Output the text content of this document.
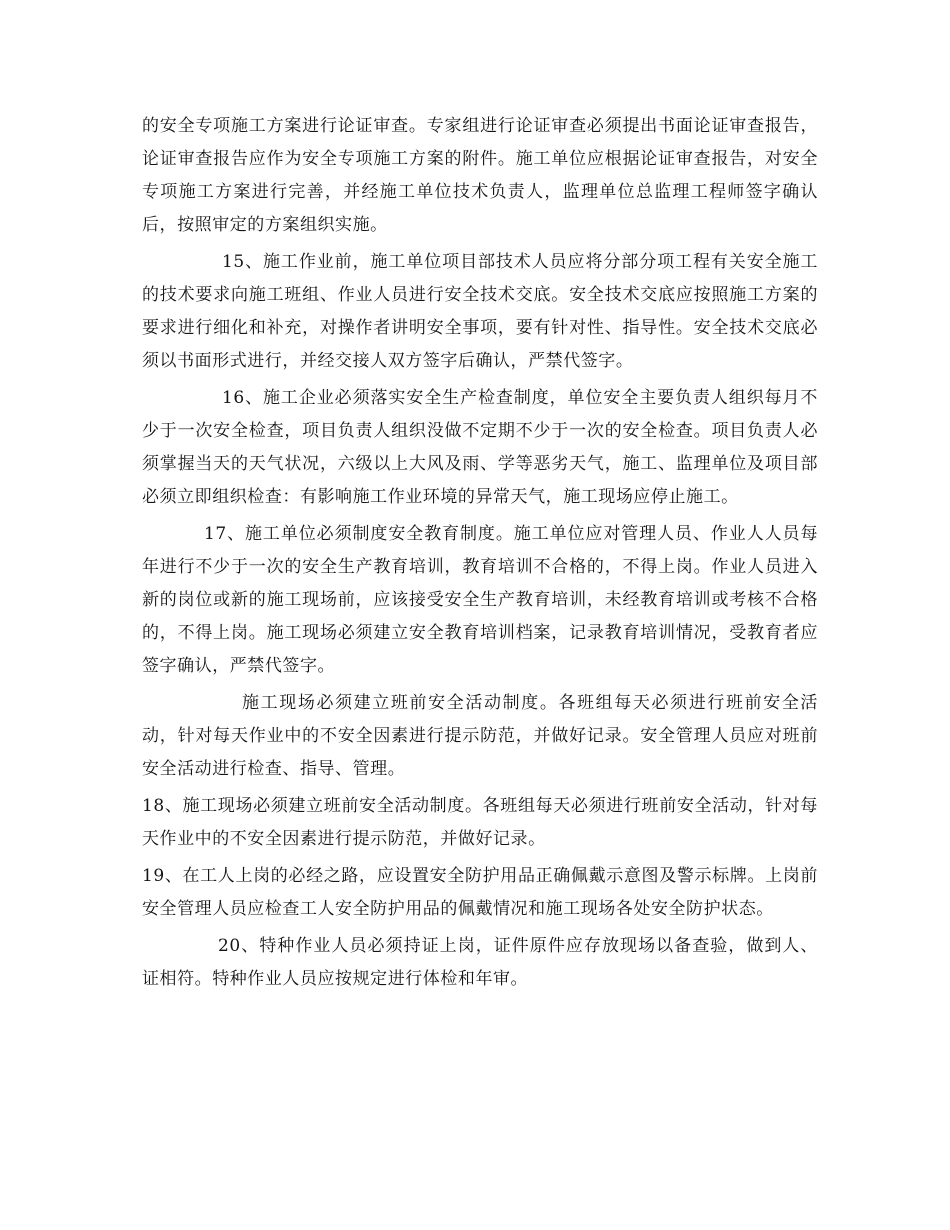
的安全专项施工方案进行论证审查。专家组进行论证审查必须提出书面论证审查报告，论证审查报告应作为安全专项施工方案的附件。施工单位应根据论证审查报告，对安全专项施工方案进行完善，并经施工单位技术负责人，监理单位总监理工程师签字确认后，按照审定的方案组织实施。

15、施工作业前，施工单位项目部技术人员应将分部分项工程有关安全施工的技术要求向施工班组、作业人员进行安全技术交底。安全技术交底应按照施工方案的要求进行细化和补充，对操作者讲明安全事项，要有针对性、指导性。安全技术交底必须以书面形式进行，并经交接人双方签字后确认，严禁代签字。

16、施工企业必须落实安全生产检查制度，单位安全主要负责人组织每月不少于一次安全检查，项目负责人组织没做不定期不少于一次的安全检查。项目负责人必须掌握当天的天气状况，六级以上大风及雨、学等恶劣天气，施工、监理单位及项目部必须立即组织检查：有影响施工作业环境的异常天气，施工现场应停止施工。

17、施工单位必须制度安全教育制度。施工单位应对管理人员、作业人人员每年进行不少于一次的安全生产教育培训，教育培训不合格的，不得上岗。作业人员进入新的岗位或新的施工现场前，应该接受安全生产教育培训，未经教育培训或考核不合格的，不得上岗。施工现场必须建立安全教育培训档案，记录教育培训情况，受教育者应签字确认，严禁代签字。

施工现场必须建立班前安全活动制度。各班组每天必须进行班前安全活动，针对每天作业中的不安全因素进行提示防范，并做好记录。安全管理人员应对班前安全活动进行检查、指导、管理。

18、施工现场必须建立班前安全活动制度。各班组每天必须进行班前安全活动，针对每天作业中的不安全因素进行提示防范，并做好记录。

19、在工人上岗的必经之路，应设置安全防护用品正确佩戴示意图及警示标牌。上岗前安全管理人员应检查工人安全防护用品的佩戴情况和施工现场各处安全防护状态。

20、特种作业人员必须持证上岗，证件原件应存放现场以备查验，做到人、证相符。特种作业人员应按规定进行体检和年审。
